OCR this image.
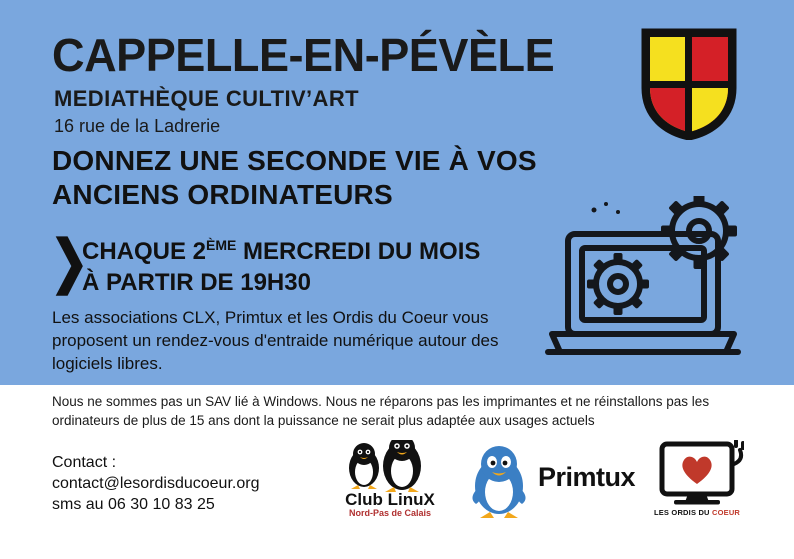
CAPPELLE-EN-PÉVÈLE
MEDIATHÈQUE CULTIV’ART
16 rue de la Ladrerie
DONNEZ UNE SECONDE VIE À VOS ANCIENS ORDINATEURS
❯
CHAQUE 2ÈME MERCREDI DU MOIS
À PARTIR DE 19H30
Les associations CLX, Primtux et les Ordis du Coeur vous proposent un rendez-vous d'entraide numérique autour des logiciels libres.
Nous ne sommes pas un SAV lié à Windows. Nous ne réparons pas les imprimantes et ne réinstallons pas les ordinateurs de plus de 15 ans dont la puissance ne serait plus adaptée aux usages actuels
Contact :
contact@lesordisducoeur.org
sms au 06 30 10 83 25	Club LinuX
Nord-Pas de Calais
Primtux
LES ORDIS DU COEUR
